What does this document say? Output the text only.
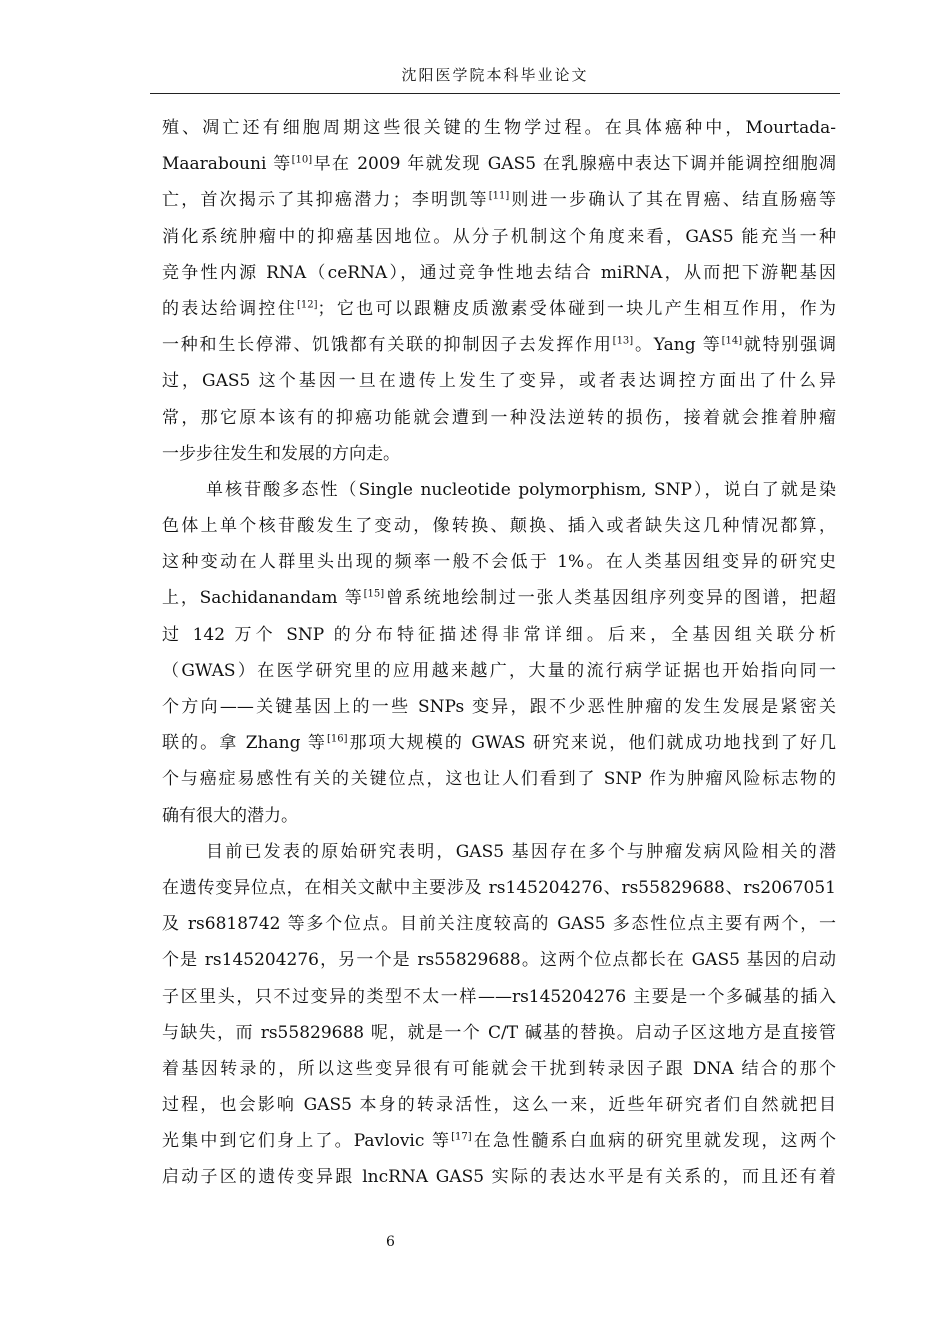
沈阳医学院本科毕业论文
殖、凋亡还有细胞周期这些很关键的生物学过程。在具体癌种中，Mourtada-
Maarabouni 等[10]早在 2009 年就发现 GAS5 在乳腺癌中表达下调并能调控细胞凋
亡，首次揭示了其抑癌潜力；李明凯等[11]则进一步确认了其在胃癌、结直肠癌等
消化系统肿瘤中的抑癌基因地位。从分子机制这个角度来看，GAS5 能充当一种
竞争性内源 RNA（ceRNA），通过竞争性地去结合 miRNA，从而把下游靶基因
的表达给调控住[12]；它也可以跟糖皮质激素受体碰到一块儿产生相互作用，作为
一种和生长停滞、饥饿都有关联的抑制因子去发挥作用[13]。Yang 等[14]就特别强调
过，GAS5 这个基因一旦在遗传上发生了变异，或者表达调控方面出了什么异
常，那它原本该有的抑癌功能就会遭到一种没法逆转的损伤，接着就会推着肿瘤
一步步往发生和发展的方向走。
单核苷酸多态性（Single nucleotide polymorphism, SNP），说白了就是染
色体上单个核苷酸发生了变动，像转换、颠换、插入或者缺失这几种情况都算，
这种变动在人群里头出现的频率一般不会低于 1%。在人类基因组变异的研究史
上，Sachidanandam 等[15]曾系统地绘制过一张人类基因组序列变异的图谱，把超
过 142 万个 SNP 的分布特征描述得非常详细。后来，全基因组关联分析
（GWAS）在医学研究里的应用越来越广，大量的流行病学证据也开始指向同一
个方向——关键基因上的一些 SNPs 变异，跟不少恶性肿瘤的发生发展是紧密关
联的。拿 Zhang 等[16]那项大规模的 GWAS 研究来说，他们就成功地找到了好几
个与癌症易感性有关的关键位点，这也让人们看到了 SNP 作为肿瘤风险标志物的
确有很大的潜力。
目前已发表的原始研究表明，GAS5 基因存在多个与肿瘤发病风险相关的潜
在遗传变异位点，在相关文献中主要涉及 rs145204276、rs55829688、rs2067051
及 rs6818742 等多个位点。目前关注度较高的 GAS5 多态性位点主要有两个，一
个是 rs145204276，另一个是 rs55829688。这两个位点都长在 GAS5 基因的启动
子区里头，只不过变异的类型不太一样——rs145204276 主要是一个多碱基的插入
与缺失，而 rs55829688 呢，就是一个 C/T 碱基的替换。启动子区这地方是直接管
着基因转录的，所以这些变异很有可能就会干扰到转录因子跟 DNA 结合的那个
过程，也会影响 GAS5 本身的转录活性，这么一来，近些年研究者们自然就把目
光集中到它们身上了。Pavlovic 等[17]在急性髓系白血病的研究里就发现，这两个
启动子区的遗传变异跟 lncRNA GAS5 实际的表达水平是有关系的，而且还有着
6
